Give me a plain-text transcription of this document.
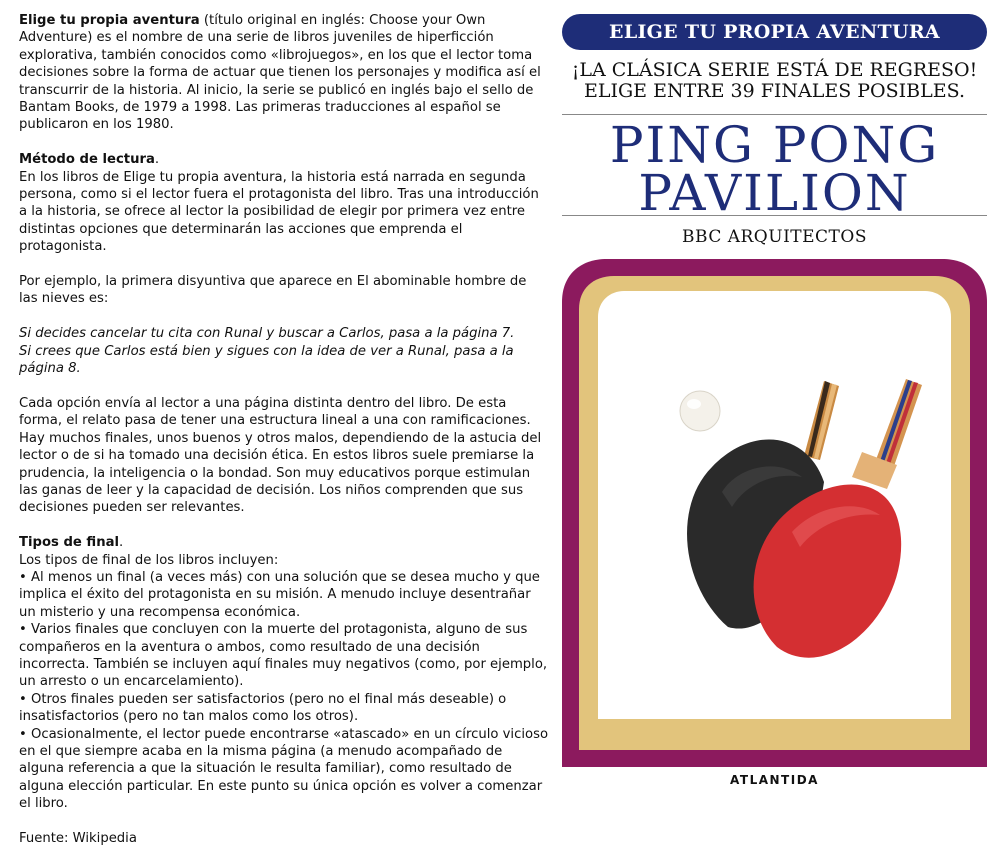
Elige tu propia aventura (título original en inglés: Choose your Own Adventure) es el nombre de una serie de libros juveniles de hiperficción explorativa, también conocidos como «librojuegos», en los que el lector toma decisiones sobre la forma de actuar que tienen los personajes y modifica así el transcurrir de la historia. Al inicio, la serie se publicó en inglés bajo el sello de Bantam Books, de 1979 a 1998. Las primeras traducciones al español se publicaron en los 1980.

Método de lectura.

En los libros de Elige tu propia aventura, la historia está narrada en segunda persona, como si el lector fuera el protagonista del libro. Tras una introducción a la historia, se ofrece al lector la posibilidad de elegir por primera vez entre distintas opciones que determinarán las acciones que emprenda el protagonista.

Por ejemplo, la primera disyuntiva que aparece en El abominable hombre de las nieves es:

Si decides cancelar tu cita con Runal y buscar a Carlos, pasa a la página 7.
Si crees que Carlos está bien y sigues con la idea de ver a Runal, pasa a la página 8.

Cada opción envía al lector a una página distinta dentro del libro. De esta forma, el relato pasa de tener una estructura lineal a una con ramificaciones. Hay muchos finales, unos buenos y otros malos, dependiendo de la astucia del lector o de si ha tomado una decisión ética. En estos libros suele premiarse la prudencia, la inteligencia o la bondad. Son muy educativos porque estimulan las ganas de leer y la capacidad de decisión. Los niños comprenden que sus decisiones pueden ser relevantes.

Tipos de final.

Los tipos de final de los libros incluyen:
• Al menos un final (a veces más) con una solución que se desea mucho y que implica el éxito del protagonista en su misión. A menudo incluye desentrañar un misterio y una recompensa económica.
• Varios finales que concluyen con la muerte del protagonista, alguno de sus compañeros en la aventura o ambos, como resultado de una decisión incorrecta. También se incluyen aquí finales muy negativos (como, por ejemplo, un arresto o un encarcelamiento).
• Otros finales pueden ser satisfactorios (pero no el final más deseable) o insatisfactorios (pero no tan malos como los otros).
• Ocasionalmente, el lector puede encontrarse «atascado» en un círculo vicioso en el que siempre acaba en la misma página (a menudo acompañado de alguna referencia a que la situación le resulta familiar), como resultado de alguna elección particular. En este punto su única opción es volver a comenzar el libro.

Fuente: Wikipedia

ELIGE TU PROPIA AVENTURA
¡LA CLÁSICA SERIE ESTÁ DE REGRESO!
ELIGE ENTRE 39 FINALES POSIBLES.
PING PONG
PAVILION
BBC ARQUITECTOS
ATLANTIDA
